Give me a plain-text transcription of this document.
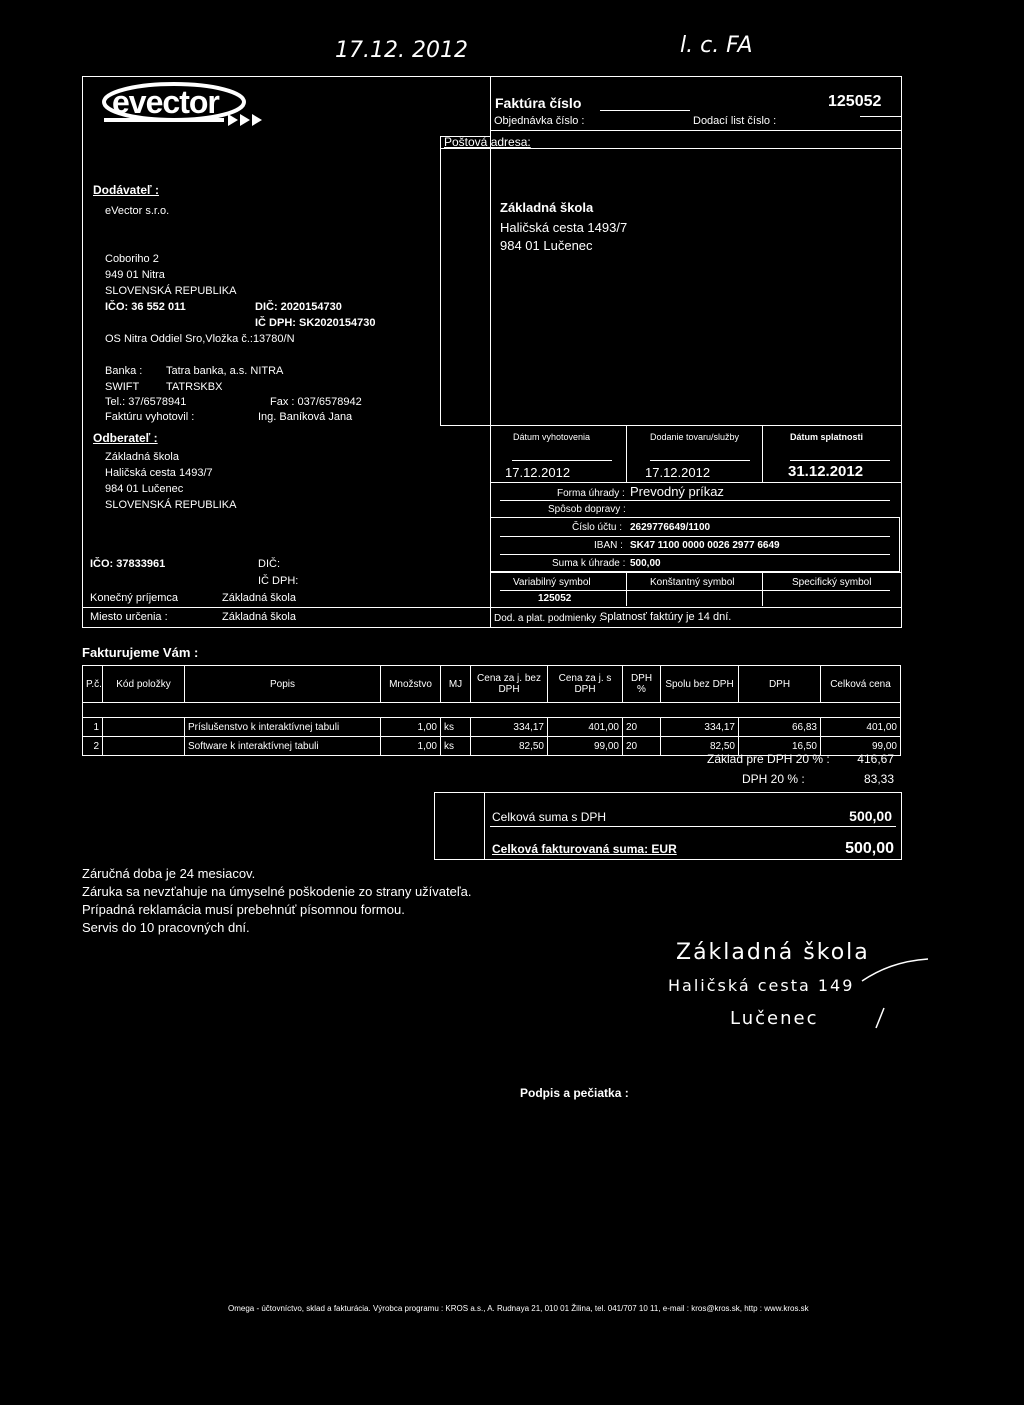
17.12. 2012	l. c. FA
evector	Faktúra číslo	125052
Objednávka číslo :	Dodací list číslo :
Poštová adresa:
Základná škola
Haličská cesta 1493/7
984 01 Lučenec
Dodávateľ :
eVector s.r.o.
Coboriho 2
949 01 Nitra
SLOVENSKÁ REPUBLIKA
IČO: 36 552 011	DIČ: 2020154730
IČ DPH: SK2020154730
OS Nitra Oddiel Sro,Vložka č.:13780/N
Banka : Tatra banka, a.s. NITRA
SWIFT TATRSKBX
Tel.: 37/6578941	Fax : 037/6578942
Faktúru vyhotovil :	Ing. Baníková Jana
Odberateľ :
Základná škola
Haličská cesta 1493/7
984 01 Lučenec
SLOVENSKÁ REPUBLIKA
IČO: 37833961	DIČ:
IČ DPH:
Konečný príjemca	Základná škola
Miesto určenia :	Základná škola
Dátum vyhotovenia	Dodanie tovaru/služby	Dátum splatnosti
17.12.2012	17.12.2012	31.12.2012
Forma úhrady : Prevodný príkaz
Spôsob dopravy :
Číslo účtu : 2629776649/1100
IBAN : SK47 1100 0000 0026 2977 6649
Suma k úhrade : 500,00
Variabilný symbol	Konštantný symbol	Specifický symbol
125052
Dod. a plat. podmienky :
Splatnosť faktúry je 14 dní.
Fakturujeme Vám :
P.č.	Kód položky	Popis	Množstvo	MJ	Cena za j. bez DPH	Cena za j. s DPH	DPH %	Spolu bez DPH	DPH	Celková cena

1		Príslušenstvo k interaktívnej tabuli	1,00	ks	334,17	401,00	20	334,17	66,83	401,00
2		Software k interaktívnej tabuli	1,00	ks	82,50	99,00	20	82,50	16,50	99,00
Základ pre DPH 20 % :	416,67
DPH 20 % :	83,33
Celková suma s DPH	500,00
Celková fakturovaná suma: EUR	500,00
Záručná doba je 24 mesiacov.
Záruka sa nevzťahuje na úmyselné poškodenie zo strany užívateľa.
Prípadná reklamácia musí prebehnúť písomnou formou.
Servis do 10 pracovných dní.
Základná škola
Haličská cesta 149
Lučenec
Podpis a pečiatka :
Omega - účtovníctvo, sklad a fakturácia. Výrobca programu : KROS a.s., A. Rudnaya 21, 010 01 Žilina, tel. 041/707 10 11, e-mail : kros@kros.sk, http : www.kros.sk
